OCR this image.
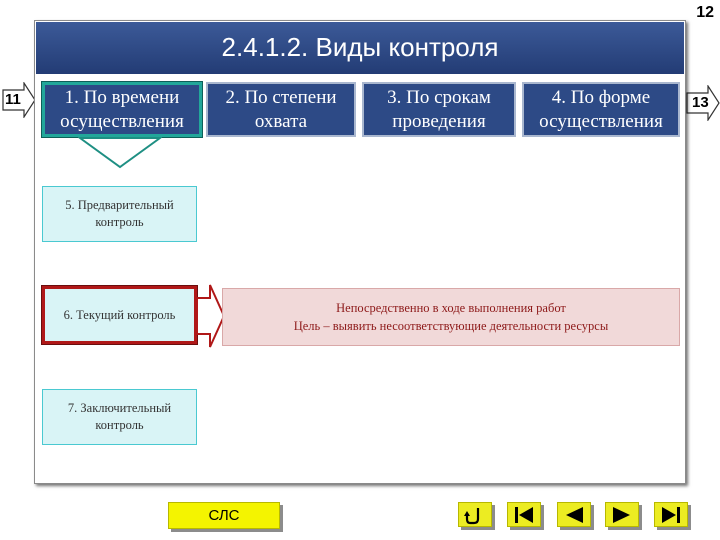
12
11	13
2.4.1.2. Виды контроля
1. По времени осуществления
2. По степени охвата
3. По срокам проведения
4. По форме осуществления
5. Предварительный контроль
6. Текущий контроль
7. Заключительный контроль
Непосредственно в ходе выполнения работ
Цель – выявить несоответствующие деятельности ресурсы
СЛС
